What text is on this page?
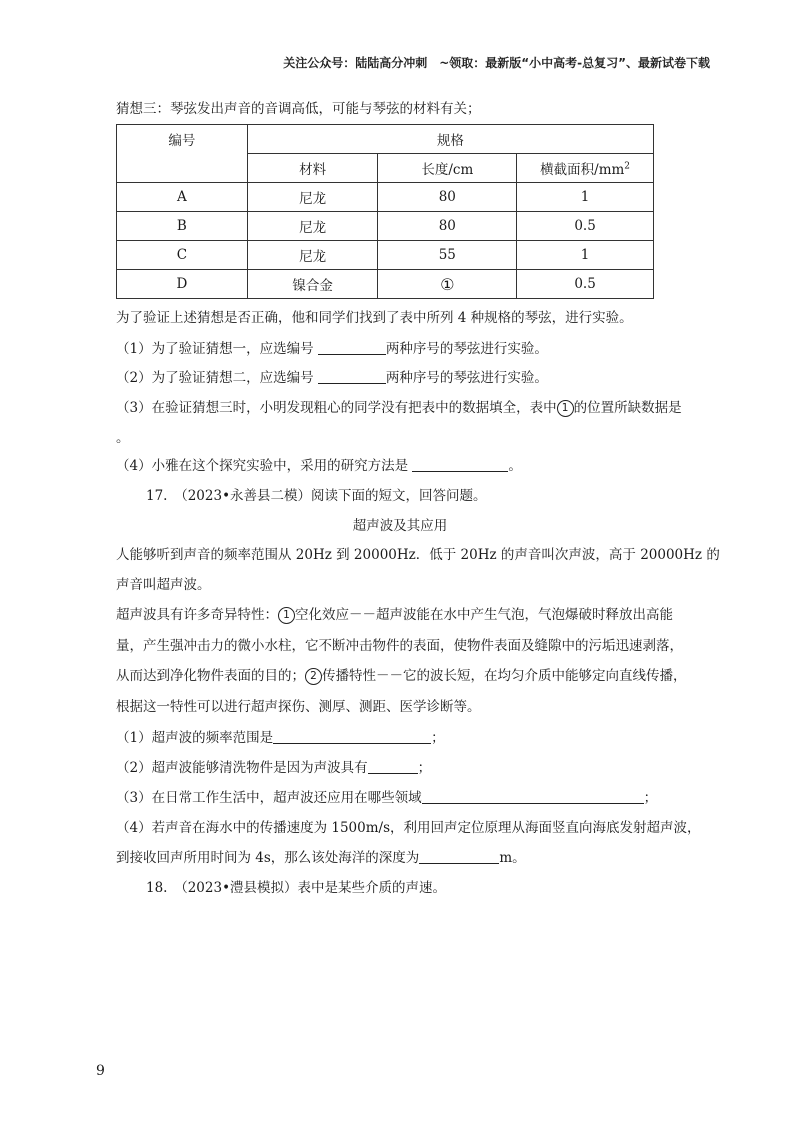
关注公众号：陆陆高分冲刺　~领取：最新版“小中高考-总复习”、最新试卷下载
猜想三：琴弦发出声音的音调高低，可能与琴弦的材料有关；
编号	规格		
	材料	长度/cm	横截面积$/mm^2$
A	尼龙	80	1
B	尼龙	80	0.5
C	尼龙	55	1
D	镍合金	①	0.5
为了验证上述猜想是否正确，他和同学们找到了表中所列 4 种规格的琴弦，进行实验。
（1）为了验证猜想一，应选编号	两种序号的琴弦进行实验。
（2）为了验证猜想二，应选编号	两种序号的琴弦进行实验。
（3）在验证猜想三时，小明发现粗心的同学没有把表中的数据填全，表中 1 的位置所缺数据是
。
（4）小雅在这个探究实验中，采用的研究方法是	。
17.　（2023•永善县二模）阅读下面的短文，回答问题。
超声波及其应用
人能够听到声音的频率范围从 20Hz 到 20000Hz．低于 20Hz 的声音叫次声波，高于 20000Hz 的
声音叫超声波。
超声波具有许多奇异特性： 1 空化效应－－超声波能在水中产生气泡，气泡爆破时释放出高能
量，产生强冲击力的微小水柱，它不断冲击物件的表面，使物件表面及缝隙中的污垢迅速剥落，
从而达到净化物件表面的目的； 2 传播特性－－它的波长短，在均匀介质中能够定向直线传播，
根据这一特性可以进行超声探伤、测厚、测距、医学诊断等。
（1）超声波的频率范围是	；
（2）超声波能够清洗物件是因为声波具有	；
（3）在日常工作生活中，超声波还应用在哪些领域	；
（4）若声音在海水中的传播速度为 1500m/s，利用回声定位原理从海面竖直向海底发射超声波，
到接收回声所用时间为 4s，那么该处海洋的深度为	m。
18.　（2023•澧县模拟）表中是某些介质的声速。
9
